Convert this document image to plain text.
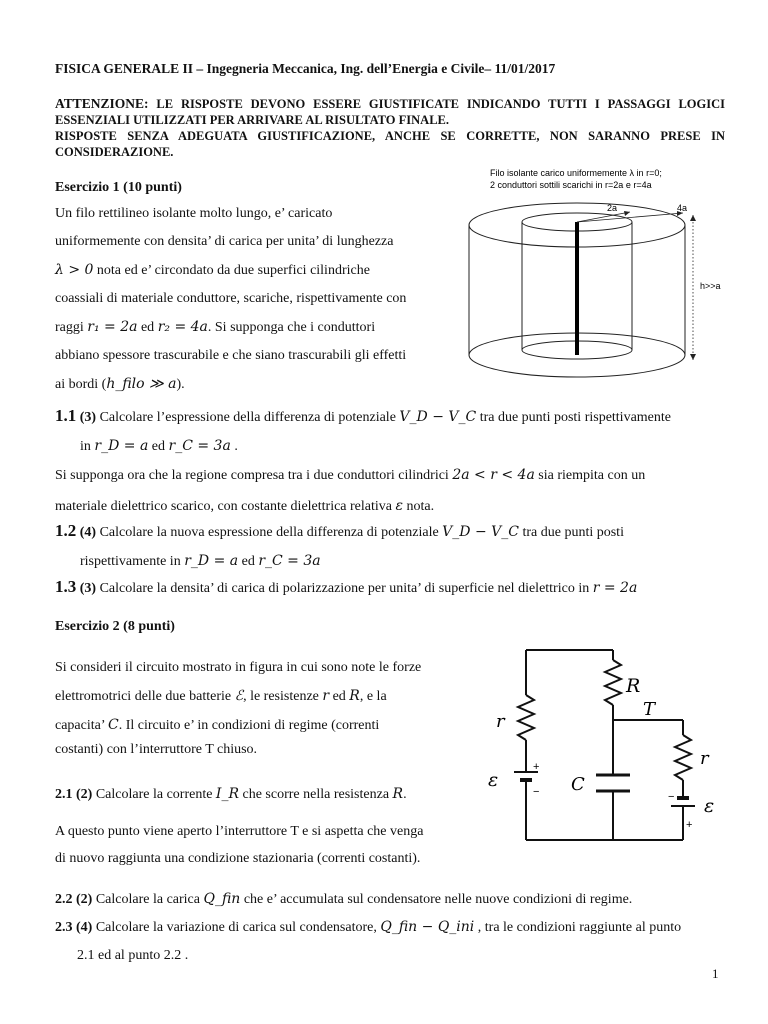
FISICA GENERALE II – Ingegneria Meccanica, Ing. dell’Energia e Civile– 11/01/2017
ATTENZIONE: LE RISPOSTE DEVONO ESSERE GIUSTIFICATE INDICANDO TUTTI I PASSAGGI LOGICI
ESSENZIALI UTILIZZATI PER ARRIVARE AL RISULTATO FINALE.
RISPOSTE SENZA ADEGUATA GIUSTIFICAZIONE, ANCHE SE CORRETTE, NON SARANNO PRESE IN
CONSIDERAZIONE.
Esercizio 1 (10 punti)
Un filo rettilineo isolante molto lungo, e’ caricato
uniformemente con densita’ di carica per unita’ di lunghezza
λ > 0 nota ed e’ circondato da due superfici cilindriche
coassiali di materiale conduttore, scariche, rispettivamente con
raggi r₁ = 2a ed r₂ = 4a. Si supponga che i conduttori
abbiano spessore trascurabile e che siano trascurabili gli effetti
ai bordi (h_filo ≫ a).
Filo isolante carico uniformemente λ in r=0;
2 conduttori sottili scarichi in r=2a e r=4a
2a	4a
h>>a
1.1 (3) Calcolare l’espressione della differenza di potenziale V_D − V_C tra due punti posti rispettivamente
in r_D = a ed r_C = 3a .
Si supponga ora che la regione compresa tra i due conduttori cilindrici 2a < r < 4a sia riempita con un
materiale dielettrico scarico, con costante dielettrica relativa ε nota.
1.2 (4) Calcolare la nuova espressione della differenza di potenziale V_D − V_C tra due punti posti
rispettivamente in r_D = a ed r_C = 3a
1.3 (3) Calcolare la densita’ di carica di polarizzazione per unita’ di superficie nel dielettrico in r = 2a
Esercizio 2 (8 punti)
Si consideri il circuito mostrato in figura in cui sono note le forze
elettromotrici delle due batterie ℰ, le resistenze r ed R, e la
capacita’ C. Il circuito e’ in condizioni di regime (correnti
costanti) con l’interruttore T chiuso.
2.1 (2) Calcolare la corrente I_R che scorre nella resistenza R.
A questo punto viene aperto l’interruttore T e si aspetta che venga
di nuovo raggiunta una condizione stazionaria (correnti costanti).
+
−	−
+
R
T
r
r
C
ε
ε
2.2 (2) Calcolare la carica Q_fin che e’ accumulata sul condensatore nelle nuove condizioni di regime.
2.3 (4) Calcolare la variazione di carica sul condensatore, Q_fin − Q_ini , tra le condizioni raggiunte al punto
2.1 ed al punto 2.2 .
1
